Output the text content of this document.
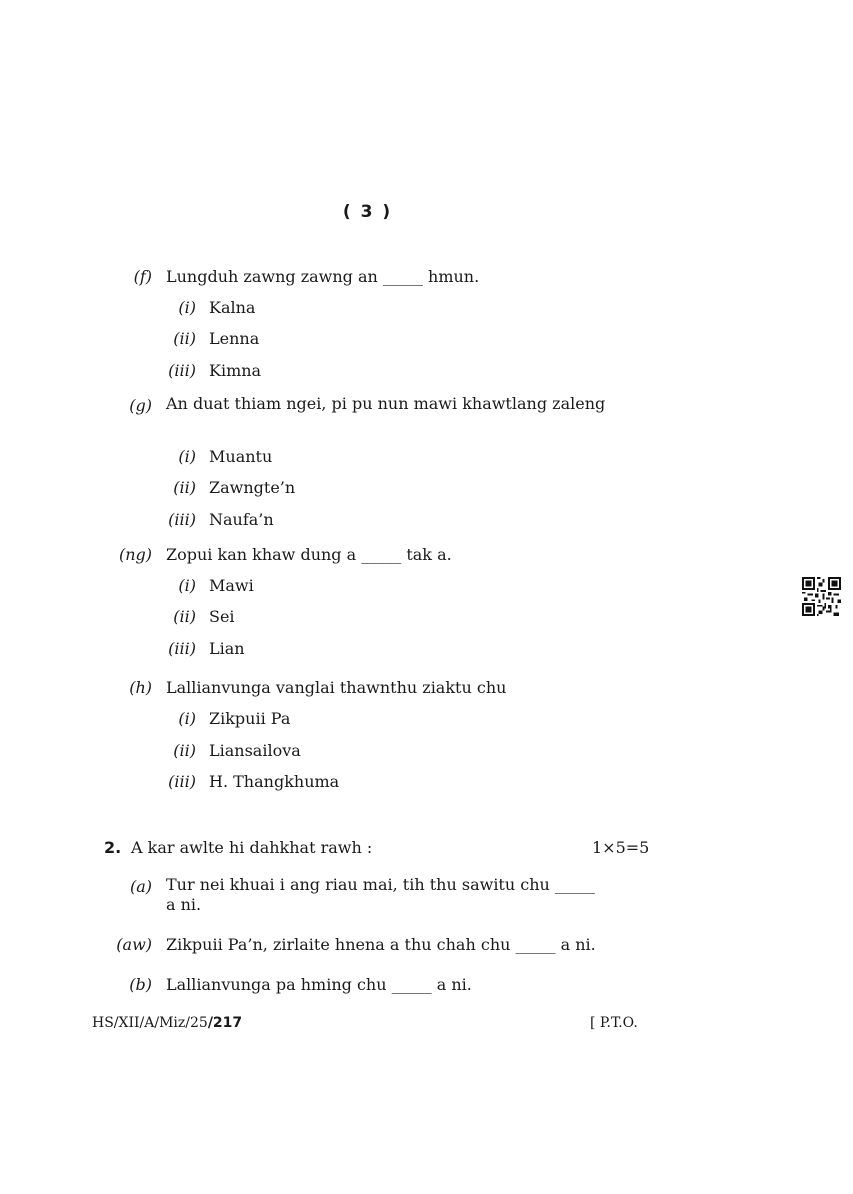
( 3 )
(f) Lungduh zawng zawng an _____ hmun.
(i) Kalna
(ii) Lenna
(iii) Kimna
(g) An duat thiam ngei, pi pu nun mawi khawtlang zaleng
(i) Muantu
(ii) Zawngte’n
(iii) Naufa’n
(ng) Zopui kan khaw dung a _____ tak a.
(i) Mawi
(ii) Sei
(iii) Lian
(h) Lallianvunga vanglai thawnthu ziaktu chu
(i) Zikpuii Pa
(ii) Liansailova
(iii) H. Thangkhuma
2. A kar awlte hi dahkhat rawh :	1×5=5
(a) Tur nei khuai i ang riau mai, tih thu sawitu chu _____ a ni.
(aw) Zikpuii Pa’n, zirlaite hnena a thu chah chu _____ a ni.
(b) Lallianvunga pa hming chu _____ a ni.
HS/XII/A/Miz/25/217	[ P.T.O.
